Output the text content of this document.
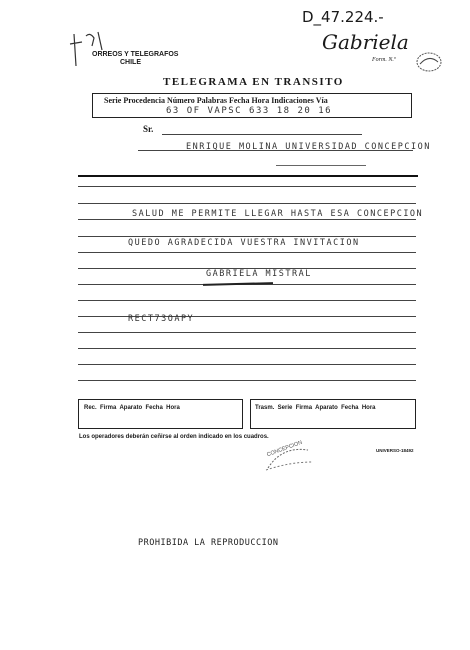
D_47.224.-
Gabriela
Form. N.º
ORREOS Y TELEGRAFOS
CHILE
TELEGRAMA EN TRANSITO
Serie Procedencia Número Palabras Fecha Hora Indicaciones Vía
63 OF VAPSC 633 18 20 16
Sr.
ENRIQUE MOLINA UNIVERSIDAD CONCEPCION
SALUD ME PERMITE LLEGAR HASTA ESA CONCEPCION
QUEDO AGRADECIDA VUESTRA INVITACION
GABRIELA MISTRAL
RECT73OAPY
Rec.  Firma  Aparato  Fecha  Hora	Trasm.  Serie  Firma  Aparato  Fecha  Hora
Los operadores deberán ceñirse al orden indicado en los cuadros.
CONCEPCION	UNIVERSO-18492
PROHIBIDA LA REPRODUCCION
